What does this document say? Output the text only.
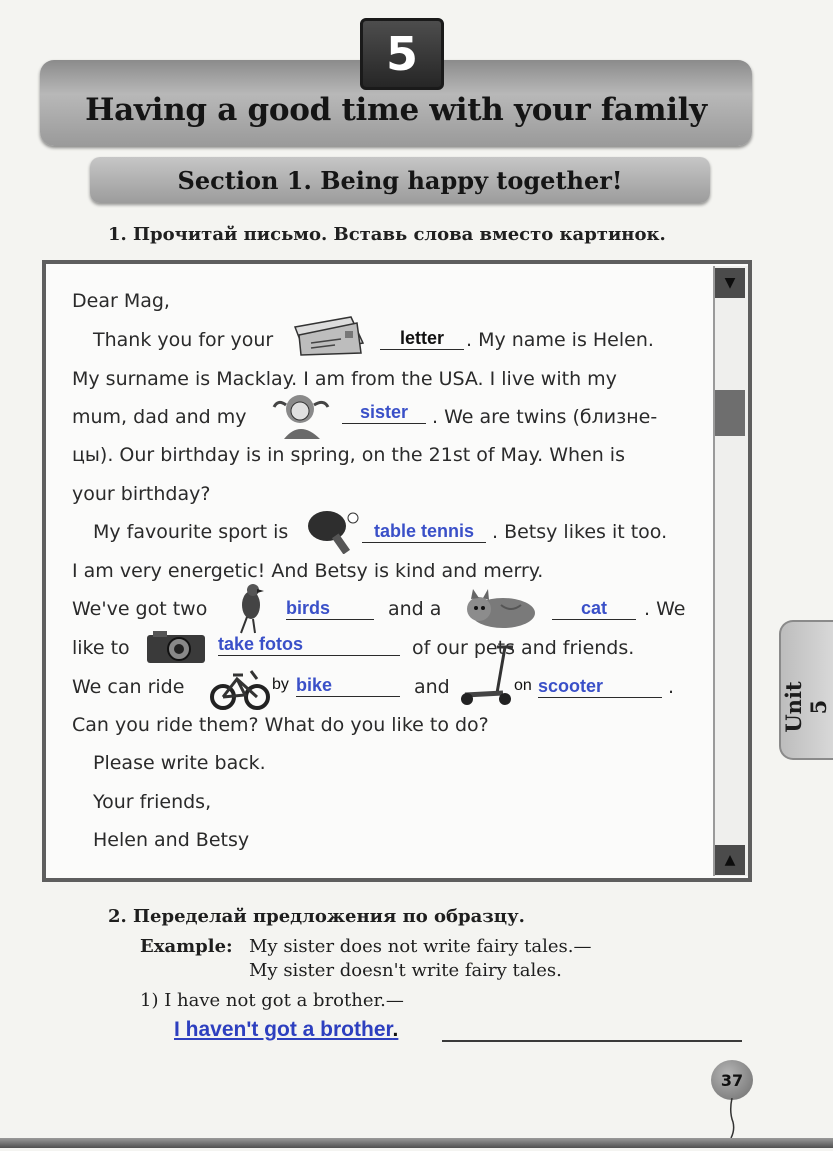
5
Having a good time with your family
Section 1. Being happy together!
1. Прочитай письмо. Вставь слова вместо картинок.
▼
▲
Dear Mag,
Thank you for your	letter	. My name is Helen.
My surname is Macklay. I am from the USA. I live with my
mum, dad and my	sister	. We are twins (близне-
цы). Our birthday is in spring, on the 21st of May. When is
your birthday?
My favourite sport is	table tennis . Betsy likes it too.
I am very energetic! And Betsy is kind and merry.
We've got two	birds	and a	cat	. We
like to	take fotos	of our pets and friends.
We can ride	by bike	and	on scooter	.
Can you ride them? What do you like to do?
Please write back.
Your friends,
Helen and Betsy
2. Переделай предложения по образцу.
Example: My sister does not write fairy tales.—
My sister doesn't write fairy tales.
1) I have not got a brother.—
I haven't got a brother.
Unit 5
37
